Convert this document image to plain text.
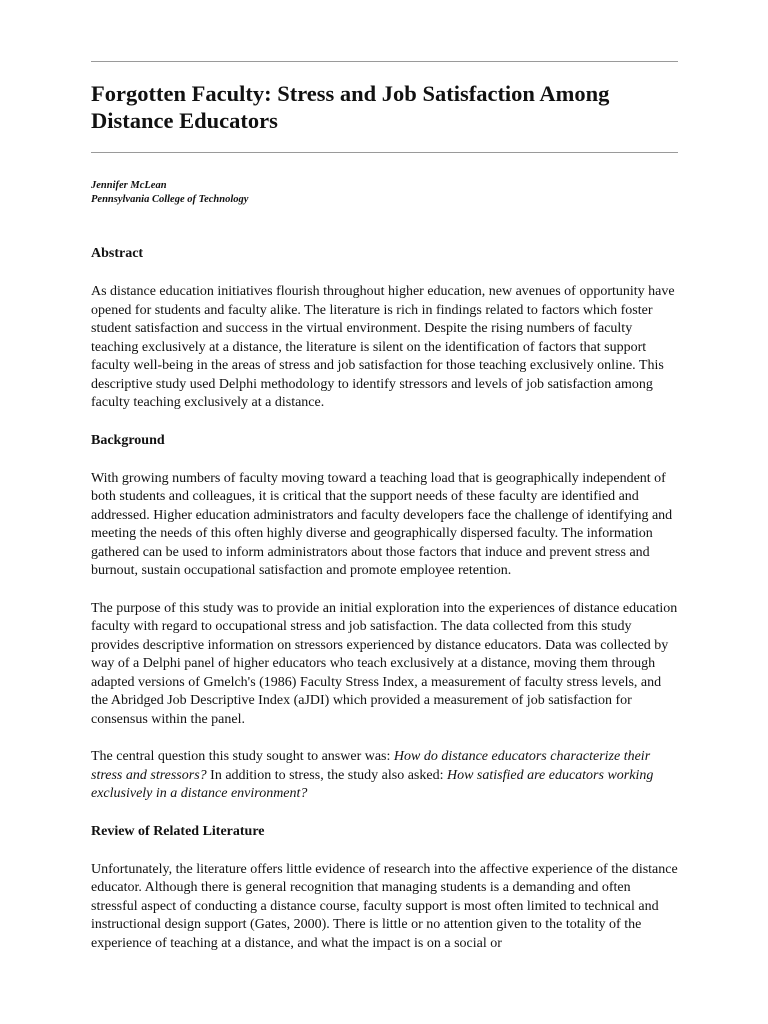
Forgotten Faculty: Stress and Job Satisfaction Among Distance Educators
Jennifer McLean
Pennsylvania College of Technology
Abstract

As distance education initiatives flourish throughout higher education, new avenues of opportunity have opened for students and faculty alike. The literature is rich in findings related to factors which foster student satisfaction and success in the virtual environment. Despite the rising numbers of faculty teaching exclusively at a distance, the literature is silent on the identification of factors that support faculty well-being in the areas of stress and job satisfaction for those teaching exclusively online. This descriptive study used Delphi methodology to identify stressors and levels of job satisfaction among faculty teaching exclusively at a distance.

Background

With growing numbers of faculty moving toward a teaching load that is geographically independent of both students and colleagues, it is critical that the support needs of these faculty are identified and addressed. Higher education administrators and faculty developers face the challenge of identifying and meeting the needs of this often highly diverse and geographically dispersed faculty. The information gathered can be used to inform administrators about those factors that induce and prevent stress and burnout, sustain occupational satisfaction and promote employee retention.

The purpose of this study was to provide an initial exploration into the experiences of distance education faculty with regard to occupational stress and job satisfaction. The data collected from this study provides descriptive information on stressors experienced by distance educators. Data was collected by way of a Delphi panel of higher educators who teach exclusively at a distance, moving them through adapted versions of Gmelch's (1986) Faculty Stress Index, a measurement of faculty stress levels, and the Abridged Job Descriptive Index (aJDI) which provided a measurement of job satisfaction for consensus within the panel.

The central question this study sought to answer was: How do distance educators characterize their stress and stressors? In addition to stress, the study also asked: How satisfied are educators working exclusively in a distance environment?

Review of Related Literature

Unfortunately, the literature offers little evidence of research into the affective experience of the distance educator. Although there is general recognition that managing students is a demanding and often stressful aspect of conducting a distance course, faculty support is most often limited to technical and instructional design support (Gates, 2000). There is little or no attention given to the totality of the experience of teaching at a distance, and what the impact is on a social or
